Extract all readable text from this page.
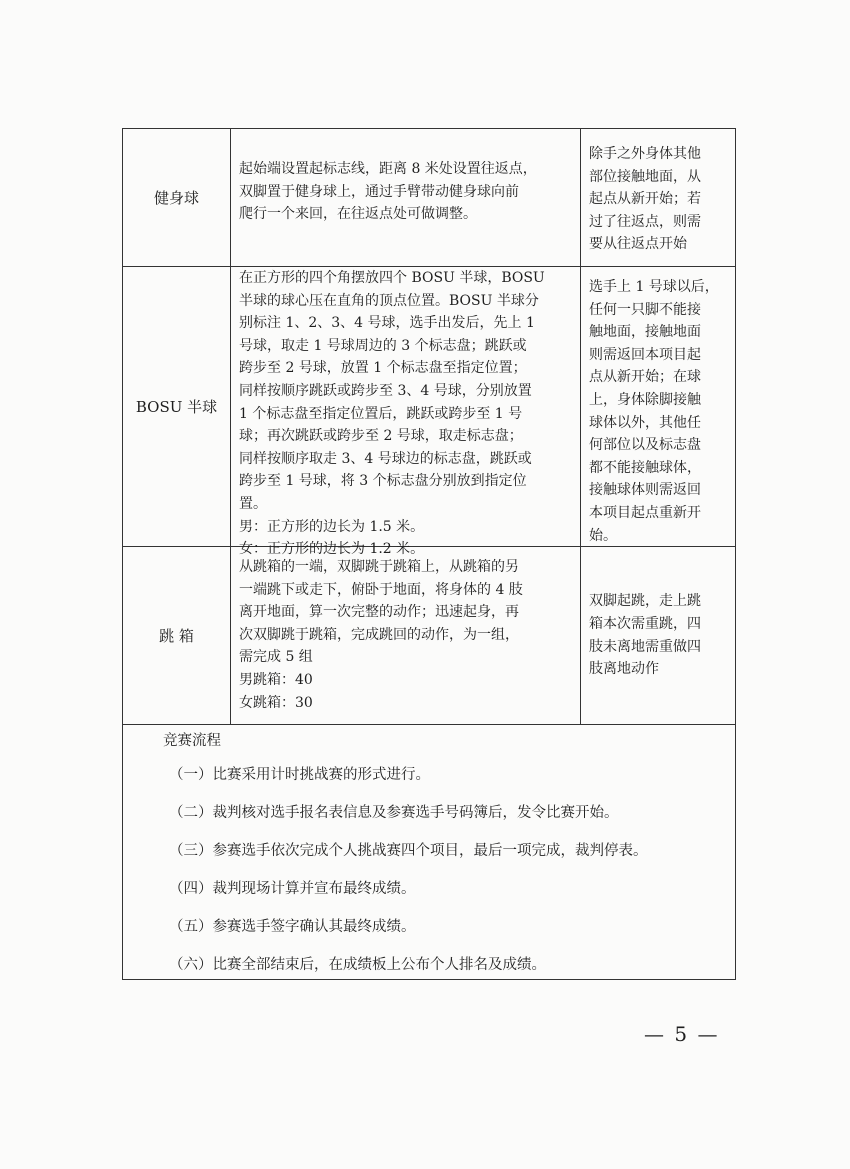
健身球
起始端设置起标志线，距离 8 米处设置往返点，
双脚置于健身球上，通过手臂带动健身球向前
爬行一个来回，在往返点处可做调整。
除手之外身体其他
部位接触地面，从
起点从新开始；若
过了往返点，则需
要从往返点开始
BOSU 半球
在正方形的四个角摆放四个 BOSU 半球，BOSU
半球的球心压在直角的顶点位置。BOSU 半球分
别标注 1、2、3、4 号球，选手出发后，先上 1
号球，取走 1 号球周边的 3 个标志盘；跳跃或
跨步至 2 号球，放置 1 个标志盘至指定位置；
同样按顺序跳跃或跨步至 3、4 号球，分别放置
1 个标志盘至指定位置后，跳跃或跨步至 1 号
球；再次跳跃或跨步至 2 号球，取走标志盘；
同样按顺序取走 3、4 号球边的标志盘，跳跃或
跨步至 1 号球，将 3 个标志盘分别放到指定位
置。
男：正方形的边长为 1.5 米。
女：正方形的边长为 1.2 米。
选手上 1 号球以后，
任何一只脚不能接
触地面，接触地面
则需返回本项目起
点从新开始；在球
上，身体除脚接触
球体以外，其他任
何部位以及标志盘
都不能接触球体，
接触球体则需返回
本项目起点重新开
始。
跳 箱
从跳箱的一端，双脚跳于跳箱上，从跳箱的另
一端跳下或走下，俯卧于地面，将身体的 4 肢
离开地面，算一次完整的动作；迅速起身，再
次双脚跳于跳箱，完成跳回的动作，为一组，
需完成 5 组
男跳箱：40
女跳箱：30
双脚起跳，走上跳
箱本次需重跳，四
肢未离地需重做四
肢离地动作
竞赛流程
（一）比赛采用计时挑战赛的形式进行。
（二）裁判核对选手报名表信息及参赛选手号码簿后，发令比赛开始。
（三）参赛选手依次完成个人挑战赛四个项目，最后一项完成，裁判停表。
（四）裁判现场计算并宣布最终成绩。
（五）参赛选手签字确认其最终成绩。
（六）比赛全部结束后，在成绩板上公布个人排名及成绩。
— 5 —
